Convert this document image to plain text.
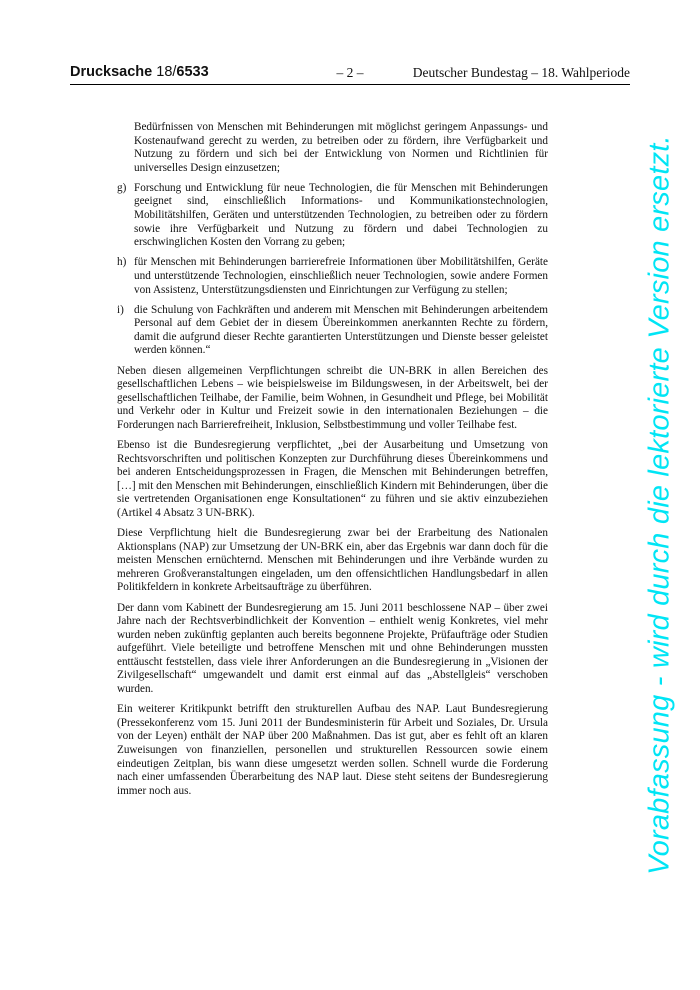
Drucksache 18/6533	– 2 –	Deutscher Bundestag – 18. Wahlperiode
Bedürfnissen von Menschen mit Behinderungen mit möglichst geringem Anpassungs- und Kostenaufwand gerecht zu werden, zu betreiben oder zu fördern, ihre Verfügbarkeit und Nutzung zu fördern und sich bei der Entwicklung von Normen und Richtlinien für universelles Design einzusetzen;
g) Forschung und Entwicklung für neue Technologien, die für Menschen mit Behinderungen geeignet sind, einschließlich Informations- und Kommunikationstechnologien, Mobilitätshilfen, Geräten und unterstützenden Technologien, zu betreiben oder zu fördern sowie ihre Verfügbarkeit und Nutzung zu fördern und dabei Technologien zu erschwinglichen Kosten den Vorrang zu geben;
h) für Menschen mit Behinderungen barrierefreie Informationen über Mobilitätshilfen, Geräte und unterstützende Technologien, einschließlich neuer Technologien, sowie andere Formen von Assistenz, Unterstützungsdiensten und Einrichtungen zur Verfügung zu stellen;
i) die Schulung von Fachkräften und anderem mit Menschen mit Behinderungen arbeitendem Personal auf dem Gebiet der in diesem Übereinkommen anerkannten Rechte zu fördern, damit die aufgrund dieser Rechte garantierten Unterstützungen und Dienste besser geleistet werden können.“

Neben diesen allgemeinen Verpflichtungen schreibt die UN-BRK in allen Bereichen des gesellschaftlichen Lebens – wie beispielsweise im Bildungswesen, in der Arbeitswelt, bei der gesellschaftlichen Teilhabe, der Familie, beim Wohnen, in Gesundheit und Pflege, bei Mobilität und Verkehr oder in Kultur und Freizeit sowie in den internationalen Beziehungen – die Forderungen nach Barrierefreiheit, Inklusion, Selbstbestimmung und voller Teilhabe fest.

Ebenso ist die Bundesregierung verpflichtet, „bei der Ausarbeitung und Umsetzung von Rechtsvorschriften und politischen Konzepten zur Durchführung dieses Übereinkommens und bei anderen Entscheidungsprozessen in Fragen, die Menschen mit Behinderungen betreffen, […] mit den Menschen mit Behinderungen, einschließlich Kindern mit Behinderungen, über die sie vertretenden Organisationen enge Konsultationen“ zu führen und sie aktiv einzubeziehen (Artikel 4 Absatz 3 UN-BRK).

Diese Verpflichtung hielt die Bundesregierung zwar bei der Erarbeitung des Nationalen Aktionsplans (NAP) zur Umsetzung der UN-BRK ein, aber das Ergebnis war dann doch für die meisten Menschen ernüchternd. Menschen mit Behinderungen und ihre Verbände wurden zu mehreren Großveranstaltungen eingeladen, um den offensichtlichen Handlungsbedarf in allen Politikfeldern in konkrete Arbeitsaufträge zu überführen.

Der dann vom Kabinett der Bundesregierung am 15. Juni 2011 beschlossene NAP – über zwei Jahre nach der Rechtsverbindlichkeit der Konvention – enthielt wenig Konkretes, viel mehr wurden neben zukünftig geplanten auch bereits begonnene Projekte, Prüfaufträge oder Studien aufgeführt. Viele beteiligte und betroffene Menschen mit und ohne Behinderungen mussten enttäuscht feststellen, dass viele ihrer Anforderungen an die Bundesregierung in „Visionen der Zivilgesellschaft“ umgewandelt und damit erst einmal auf das „Abstellgleis“ verschoben wurden.

Ein weiterer Kritikpunkt betrifft den strukturellen Aufbau des NAP. Laut Bundesregierung (Pressekonferenz vom 15. Juni 2011 der Bundesministerin für Arbeit und Soziales, Dr. Ursula von der Leyen) enthält der NAP über 200 Maßnahmen. Das ist gut, aber es fehlt oft an klaren Zuweisungen von finanziellen, personellen und strukturellen Ressourcen sowie einem eindeutigen Zeitplan, bis wann diese umgesetzt werden sollen. Schnell wurde die Forderung nach einer umfassenden Überarbeitung des NAP laut. Diese steht seitens der Bundesregierung immer noch aus.	Vorabfassung - wird durch die lektorierte Version ersetzt.
